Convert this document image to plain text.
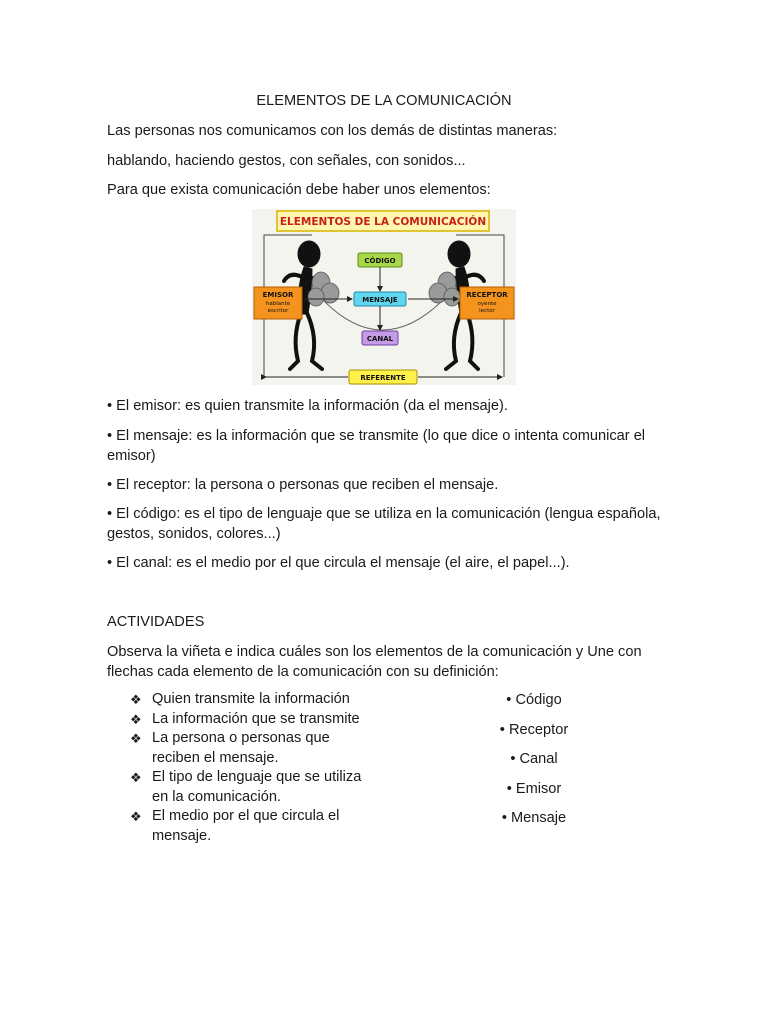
ELEMENTOS DE LA COMUNICACIÓN

Las personas nos comunicamos con los demás de distintas maneras:

hablando, haciendo gestos, con señales, con sonidos...

Para que exista comunicación debe haber unos elementos:

ELEMENTOS DE LA COMUNICACIÓN
EMISOR
hablante
escritor
RECEPTOR
oyente
lector
CÓDIGO
MENSAJE
CANAL
REFERENTE

• El emisor: es quien transmite la información (da el mensaje).

• El mensaje: es la información que se transmite (lo que dice o intenta comunicar el emisor)

• El receptor: la persona o personas que reciben el mensaje.

• El código: es el tipo de lenguaje que se utiliza en la comunicación (lengua española, gestos, sonidos, colores...)

• El canal: es el medio por el que circula el mensaje (el aire, el papel...).

ACTIVIDADES

Observa la viñeta e indica cuáles son los elementos de la comunicación y Une con flechas cada elemento de la comunicación con su definición:

❖ Quien transmite la información
❖ La información que se transmite
❖ La persona o personas que reciben el mensaje.
❖ El tipo de lenguaje que se utiliza en la comunicación.
❖ El medio por el que circula el mensaje.
• Código
• Receptor
• Canal
• Emisor
• Mensaje
